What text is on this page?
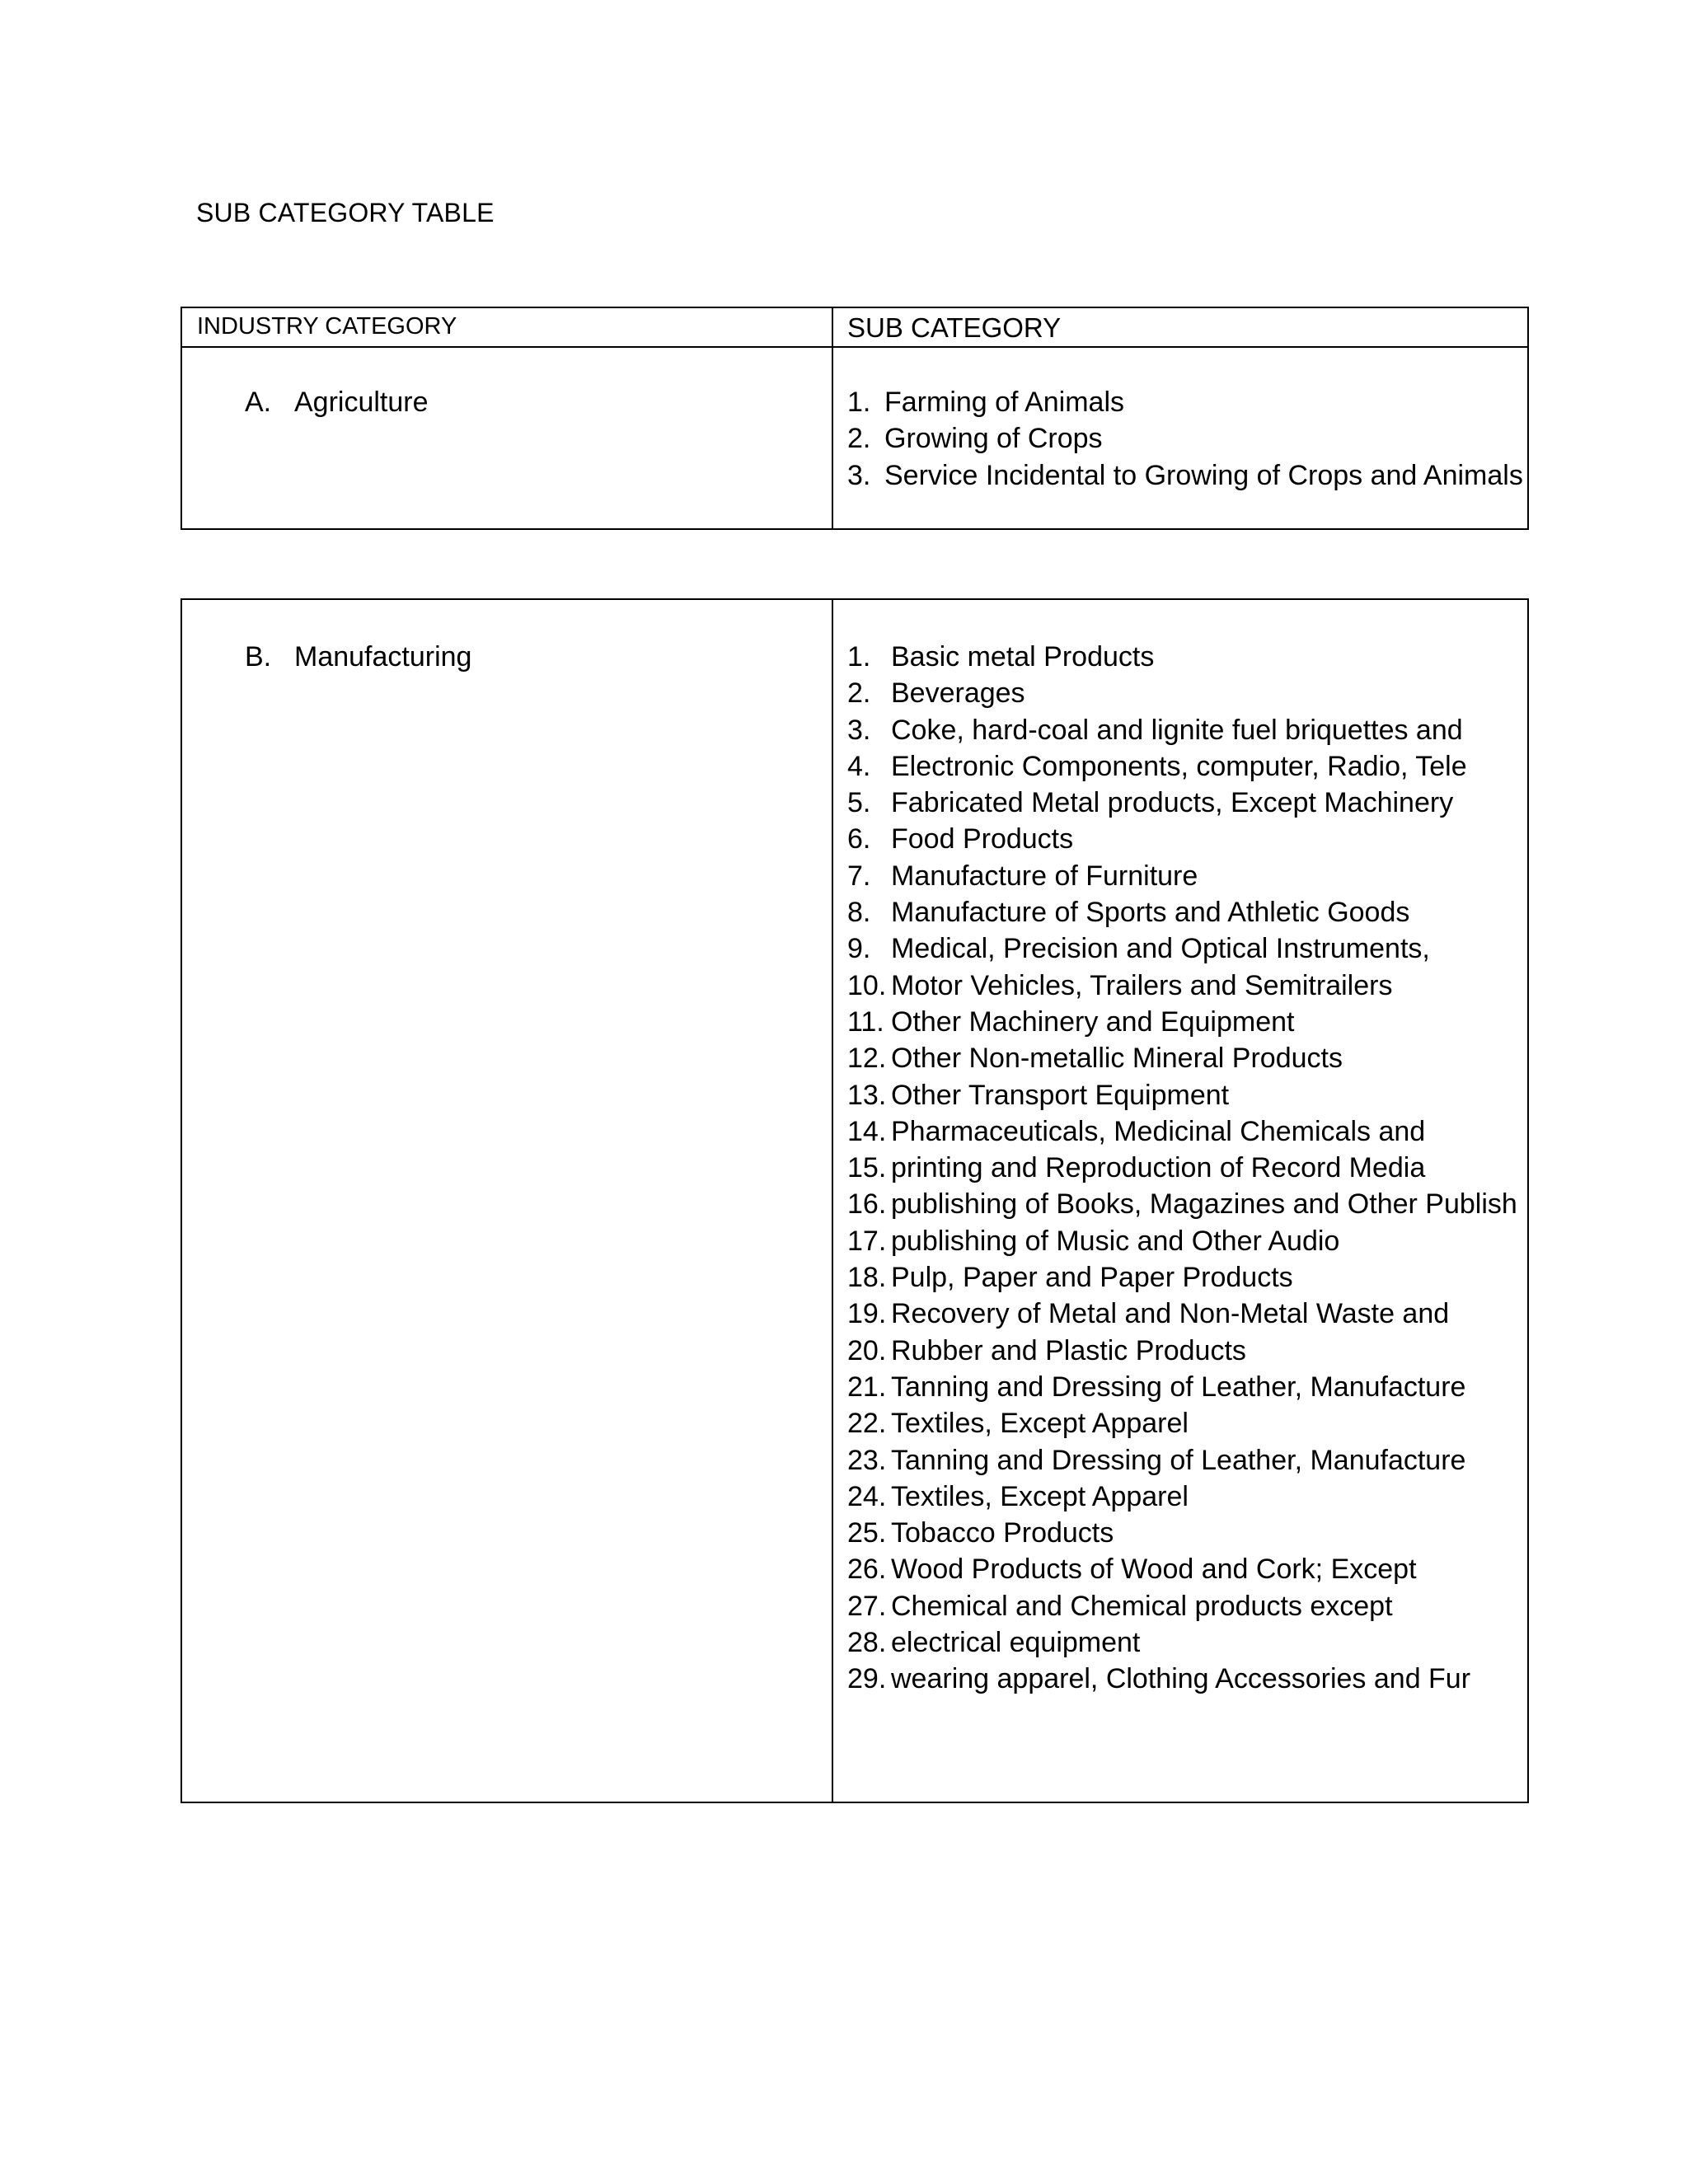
SUB CATEGORY TABLE
INDUSTRY CATEGORY	SUB CATEGORY
A. Agriculture	1. Farming of Animals
2. Growing of Crops
3. Service Incidental to Growing of Crops and Animals
B. Manufacturing	1. Basic metal Products
2. Beverages
3. Coke, hard-coal and lignite fuel briquettes and
4. Electronic Components, computer, Radio, Tele
5. Fabricated Metal products, Except Machinery
6. Food Products
7. Manufacture of Furniture
8. Manufacture of Sports and Athletic Goods
9. Medical, Precision and Optical Instruments,
10. Motor Vehicles, Trailers and Semitrailers
11. Other Machinery and Equipment
12. Other Non-metallic Mineral Products
13. Other Transport Equipment
14. Pharmaceuticals, Medicinal Chemicals and
15. printing and Reproduction of Record Media
16. publishing of Books, Magazines and Other Publish
17. publishing of Music and Other Audio
18. Pulp, Paper and Paper Products
19. Recovery of Metal and Non-Metal Waste and
20. Rubber and Plastic Products
21. Tanning and Dressing of Leather, Manufacture
22. Textiles, Except Apparel
23. Tanning and Dressing of Leather, Manufacture
24. Textiles, Except Apparel
25. Tobacco Products
26. Wood Products of Wood and Cork; Except
27. Chemical and Chemical products except
28. electrical equipment
29. wearing apparel, Clothing Accessories and Fur
